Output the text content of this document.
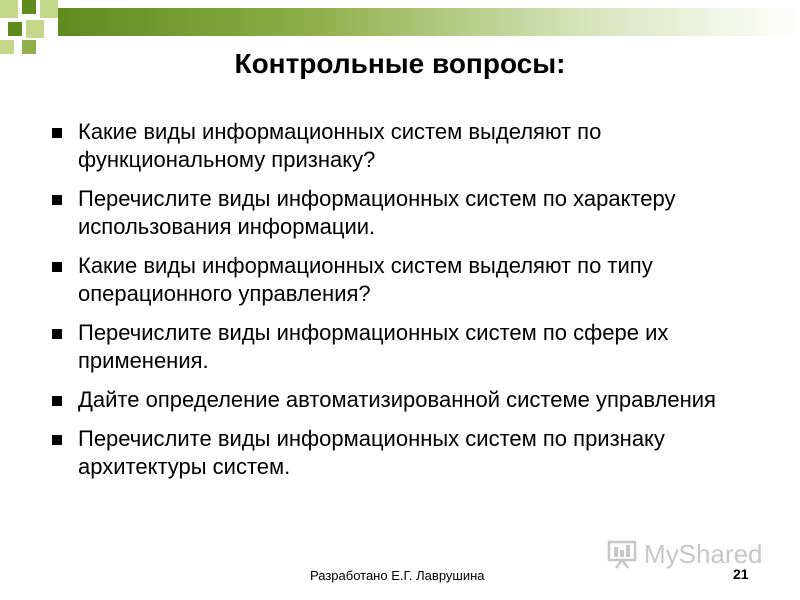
Контрольные вопросы:
Какие виды информационных систем выделяют по функциональному признаку?
Перечислите виды информационных систем по характеру использования информации.
Какие виды информационных систем выделяют по типу операционного управления?
Перечислите виды информационных систем по сфере их применения.
Дайте определение автоматизированной системе управления
Перечислите виды информационных систем по признаку архитектуры систем.
MyShared
Разработано Е.Г. Лаврушина	21
